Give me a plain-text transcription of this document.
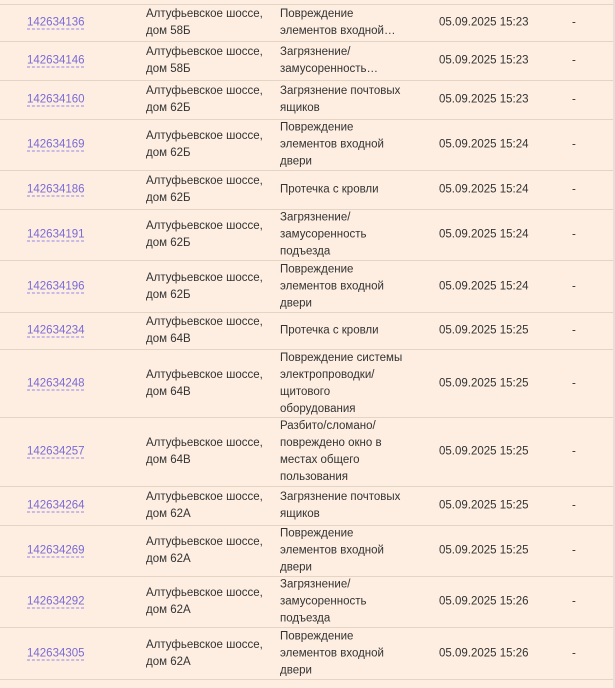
142634136
Алтуфьевское шоссе, дом 58Б
Повреждение элементов входной
05.09.2025 15:23	-
142634146
Алтуфьевское шоссе, дом 58Б
Загрязнение/ замусоренность
05.09.2025 15:23	-
142634160
Алтуфьевское шоссе, дом 62Б
Загрязнение почтовых ящиков
05.09.2025 15:23	-
142634169
Алтуфьевское шоссе, дом 62Б
Повреждение элементов входной двери
05.09.2025 15:24	-
142634186
Алтуфьевское шоссе, дом 62Б
Протечка с кровли	05.09.2025 15:24	-
142634191
Алтуфьевское шоссе, дом 62Б
Загрязнение/ замусоренность подъезда
05.09.2025 15:24	-
142634196
Алтуфьевское шоссе, дом 62Б
Повреждение элементов входной двери
05.09.2025 15:24	-
142634234
Алтуфьевское шоссе, дом 64В
Протечка с кровли	05.09.2025 15:25	-
142634248
Алтуфьевское шоссе, дом 64В
Повреждение системы электропроводки/ щитового оборудования
05.09.2025 15:25	-
142634257
Алтуфьевское шоссе, дом 64В
Разбито/сломано/ повреждено окно в местах общего пользования
05.09.2025 15:25	-
142634264
Алтуфьевское шоссе, дом 62А
Загрязнение почтовых ящиков
05.09.2025 15:25	-
142634269
Алтуфьевское шоссе, дом 62А
Повреждение элементов входной двери
05.09.2025 15:25	-
142634292
Алтуфьевское шоссе, дом 62А
Загрязнение/ замусоренность подъезда
05.09.2025 15:26	-
142634305
Алтуфьевское шоссе, дом 62А
Повреждение элементов входной двери
05.09.2025 15:26	-
